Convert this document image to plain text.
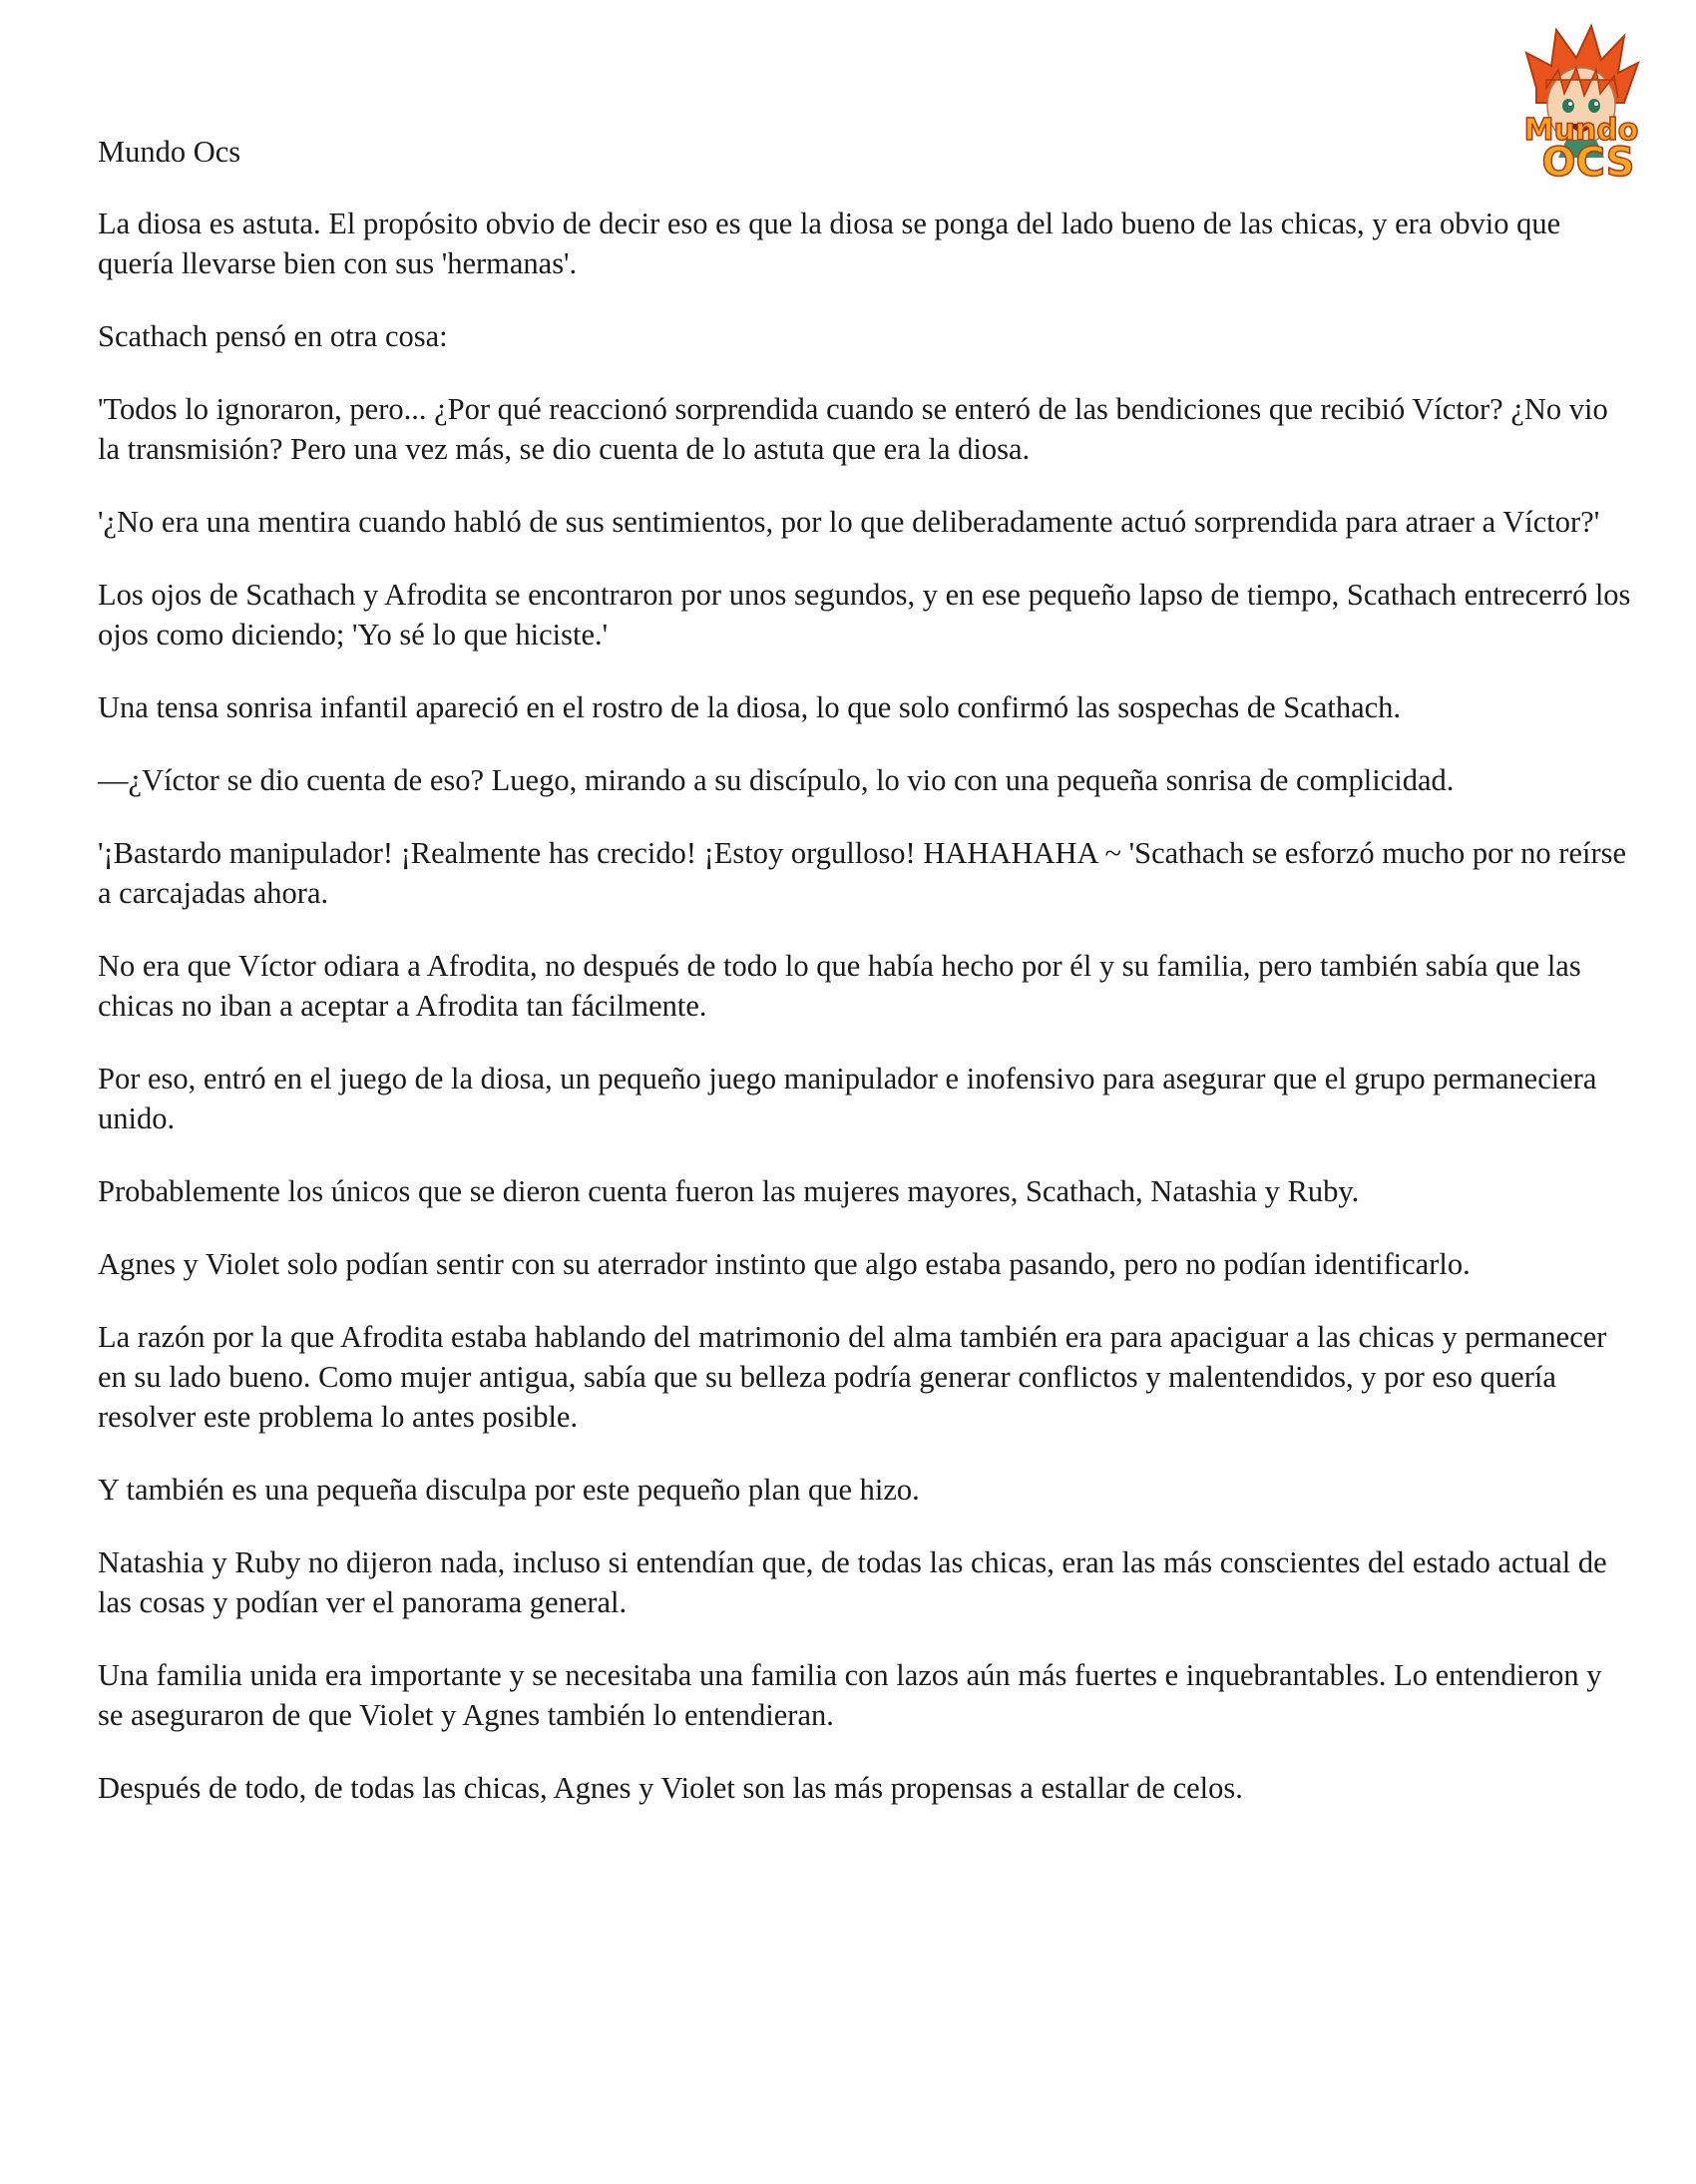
Mundo
OCS

Mundo Ocs

La diosa es astuta. El propósito obvio de decir eso es que la diosa se ponga del lado bueno de las chicas, y era obvio que quería llevarse bien con sus 'hermanas'.

Scathach pensó en otra cosa:

'Todos lo ignoraron, pero... ¿Por qué reaccionó sorprendida cuando se enteró de las bendiciones que recibió Víctor? ¿No vio la transmisión? Pero una vez más, se dio cuenta de lo astuta que era la diosa.

'¿No era una mentira cuando habló de sus sentimientos, por lo que deliberadamente actuó sorprendida para atraer a Víctor?'

Los ojos de Scathach y Afrodita se encontraron por unos segundos, y en ese pequeño lapso de tiempo, Scathach entrecerró los ojos como diciendo; 'Yo sé lo que hiciste.'

Una tensa sonrisa infantil apareció en el rostro de la diosa, lo que solo confirmó las sospechas de Scathach.

—¿Víctor se dio cuenta de eso? Luego, mirando a su discípulo, lo vio con una pequeña sonrisa de complicidad.

'¡Bastardo manipulador! ¡Realmente has crecido! ¡Estoy orgulloso! HAHAHAHA ~ 'Scathach se esforzó mucho por no reírse a carcajadas ahora.

No era que Víctor odiara a Afrodita, no después de todo lo que había hecho por él y su familia, pero también sabía que las chicas no iban a aceptar a Afrodita tan fácilmente.

Por eso, entró en el juego de la diosa, un pequeño juego manipulador e inofensivo para asegurar que el grupo permaneciera unido.

Probablemente los únicos que se dieron cuenta fueron las mujeres mayores, Scathach, Natashia y Ruby.

Agnes y Violet solo podían sentir con su aterrador instinto que algo estaba pasando, pero no podían identificarlo.

La razón por la que Afrodita estaba hablando del matrimonio del alma también era para apaciguar a las chicas y permanecer en su lado bueno. Como mujer antigua, sabía que su belleza podría generar conflictos y malentendidos, y por eso quería resolver este problema lo antes posible.

Y también es una pequeña disculpa por este pequeño plan que hizo.

Natashia y Ruby no dijeron nada, incluso si entendían que, de todas las chicas, eran las más conscientes del estado actual de las cosas y podían ver el panorama general.

Una familia unida era importante y se necesitaba una familia con lazos aún más fuertes e inquebrantables. Lo entendieron y se aseguraron de que Violet y Agnes también lo entendieran.

Después de todo, de todas las chicas, Agnes y Violet son las más propensas a estallar de celos.
